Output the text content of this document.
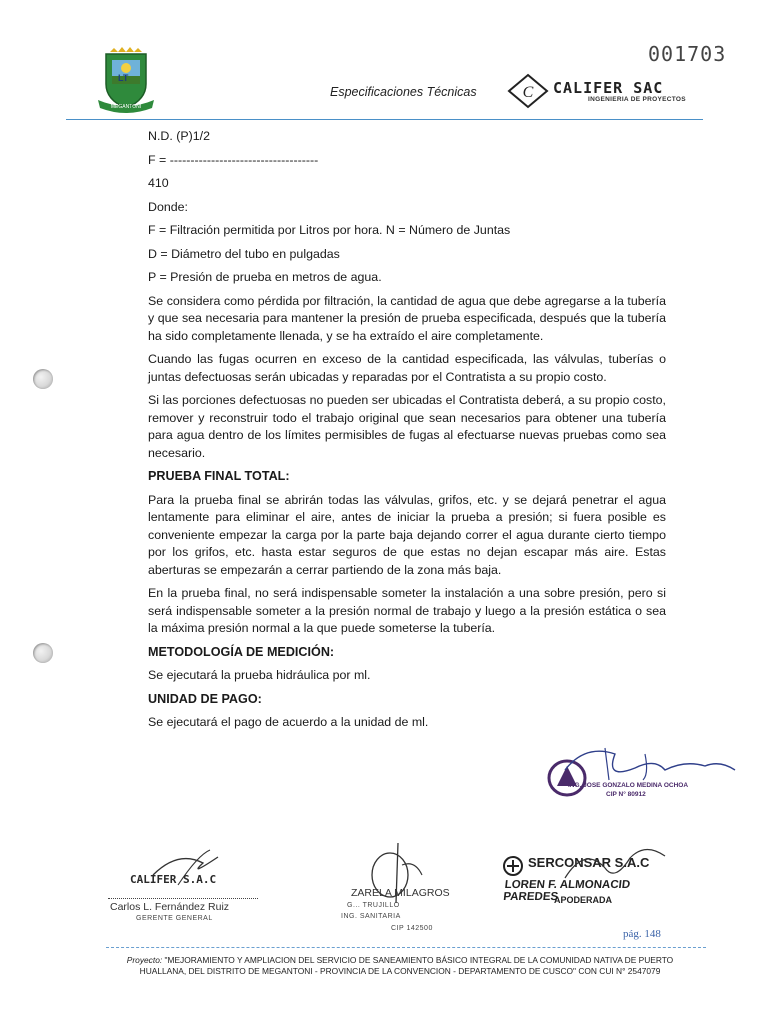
LT
MEGANTONI
001703
Especificaciones Técnicas	C CALIFER SAC
INGENIERIA DE PROYECTOS

N.D. (P)1/2

F = ------------------------------------

410

Donde:

F = Filtración permitida por Litros por hora. N = Número de Juntas

D = Diámetro del tubo en pulgadas

P = Presión de prueba en metros de agua.

Se considera como pérdida por filtración, la cantidad de agua que debe agregarse a la tubería y que sea necesaria para mantener la presión de prueba especificada, después que la tubería ha sido completamente llenada, y se ha extraído el aire completamente.

Cuando las fugas ocurren en exceso de la cantidad especificada, las válvulas, tuberías o juntas defectuosas serán ubicadas y reparadas por el Contratista a su propio costo.

Si las porciones defectuosas no pueden ser ubicadas el Contratista deberá, a su propio costo, remover y reconstruir todo el trabajo original que sean necesarios para obtener una tubería para agua dentro de los límites permisibles de fugas al efectuarse nuevas pruebas como sea necesario.

PRUEBA FINAL TOTAL:

Para la prueba final se abrirán todas las válvulas, grifos, etc. y se dejará penetrar el agua lentamente para eliminar el aire, antes de iniciar la prueba a presión; si fuera posible es conveniente empezar la carga por la parte baja dejando correr el agua durante cierto tiempo por los grifos, etc. hasta estar seguros de que estas no dejan escapar más aire. Estas aberturas se empezarán a cerrar partiendo de la zona más baja.

En la prueba final, no será indispensable someter la instalación a una sobre presión, pero si será indispensable someter a la presión normal de trabajo y luego a la presión estática o sea la máxima presión normal a la que puede someterse la tubería.

METODOLOGÍA DE MEDICIÓN:

Se ejecutará la prueba hidráulica por ml.

UNIDAD DE PAGO:

Se ejecutará el pago de acuerdo a la unidad de ml.

ING. JOSE GONZALO MEDINA OCHOA
CIP N° 80912
CALIFER S.A.C
Carlos L. Fernández Ruiz
GERENTE GENERAL
ZARELA MILAGROS
G... TRUJILLO
ING. SANITARIA
CIP 142500
SERCONSAR S.A.C
LOREN F. ALMONACID PAREDES
APODERADA
pág. 148
Proyecto: "MEJORAMIENTO Y AMPLIACION DEL SERVICIO DE SANEAMIENTO BÁSICO INTEGRAL DE LA COMUNIDAD NATIVA DE PUERTO HUALLANA, DEL DISTRITO DE MEGANTONI - PROVINCIA DE LA CONVENCION - DEPARTAMENTO DE CUSCO" CON CUI N° 2547079
